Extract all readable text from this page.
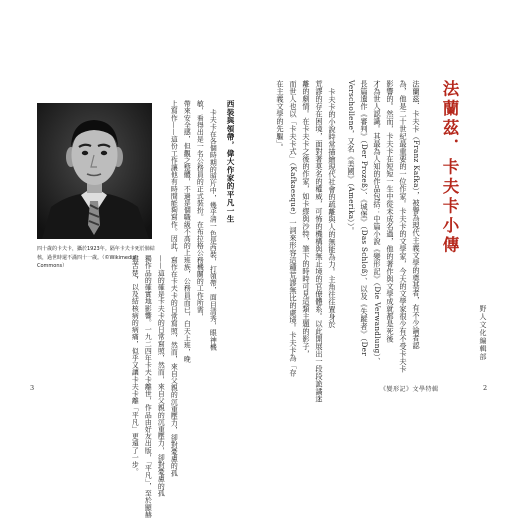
法蘭茲．卡夫卡小傳
野人文化編輯部
法蘭茲．卡夫卡（Franz Kafka），被譽為現代主義文學的奠基者，有不少論者認
為，他是二十世紀最重要的一位作家。卡夫卡的文學家，今天的文學家很少有不受卡夫卡
影響的。然而，卡夫卡在短短一生中從未成名過，他的著作與文學成就都是死後
才為世人認識。其最為人知的作品包括：中篇小說《變形記》（Die Verwandlung）、
長篇遺作《審判》（Der Prozeß）、《城堡》（Das Schloß）、以及《失蹤者》（Der
Verschollene，又名《美國》（Amerika））。
卡夫卡的小說時常描繪現代社會的疏離與人的無能為力。主角往往置身於
荒謬的存在困境，面對著莫名的權威，可怖的機構與無止境的官僚體系。以此開展出一段段詭譎迷
離的劇情。在卡夫卡之後的作家，如卡繆與沙特，筆下的時時可見這類主題的影子，
而世人也以「卡夫卡式」（Kafkaesque）一詞來形容這種荒謬無比的處境。卡夫卡為「存
在主義文學的先驅」。
2
《變形記》文學特輯
四十歲的卡夫卡，攝於1923年。隔年卡夫卡死於肺結核，過世時還不滿四十一歲。（©Wikimedia Commons）
西裝與領帶，偉大作家的平凡一生
卡夫卡在各個時期的照片中，幾乎清一色是西裝，打領帶，面目清秀，眼神機
敏，看得出是一名公務員的正式裝扮。在布拉格公務機關的工作所需，
帶來安全感，但觀之整體，不過是個職級不高的上班族，公務員而已，白天上班，晚
上寫作——這份工作讓他有時間能夠寫作。因此，寫作在卡夫卡的日常寫照，然而，來自父親的沉重壓力，卻對憂慮的孤
——這的確是卡夫卡的日常寫照，然而，來自父親的沉重壓力，卻對憂慮的孤
獨作品的確實地影響。一九二四年卡夫卡離世，作品由好友出版，「平凡」，至於顯赫
盡苦楚，以及結核病的病痛，似乎又讓卡夫卡離「平凡」更遠了一步。
3
